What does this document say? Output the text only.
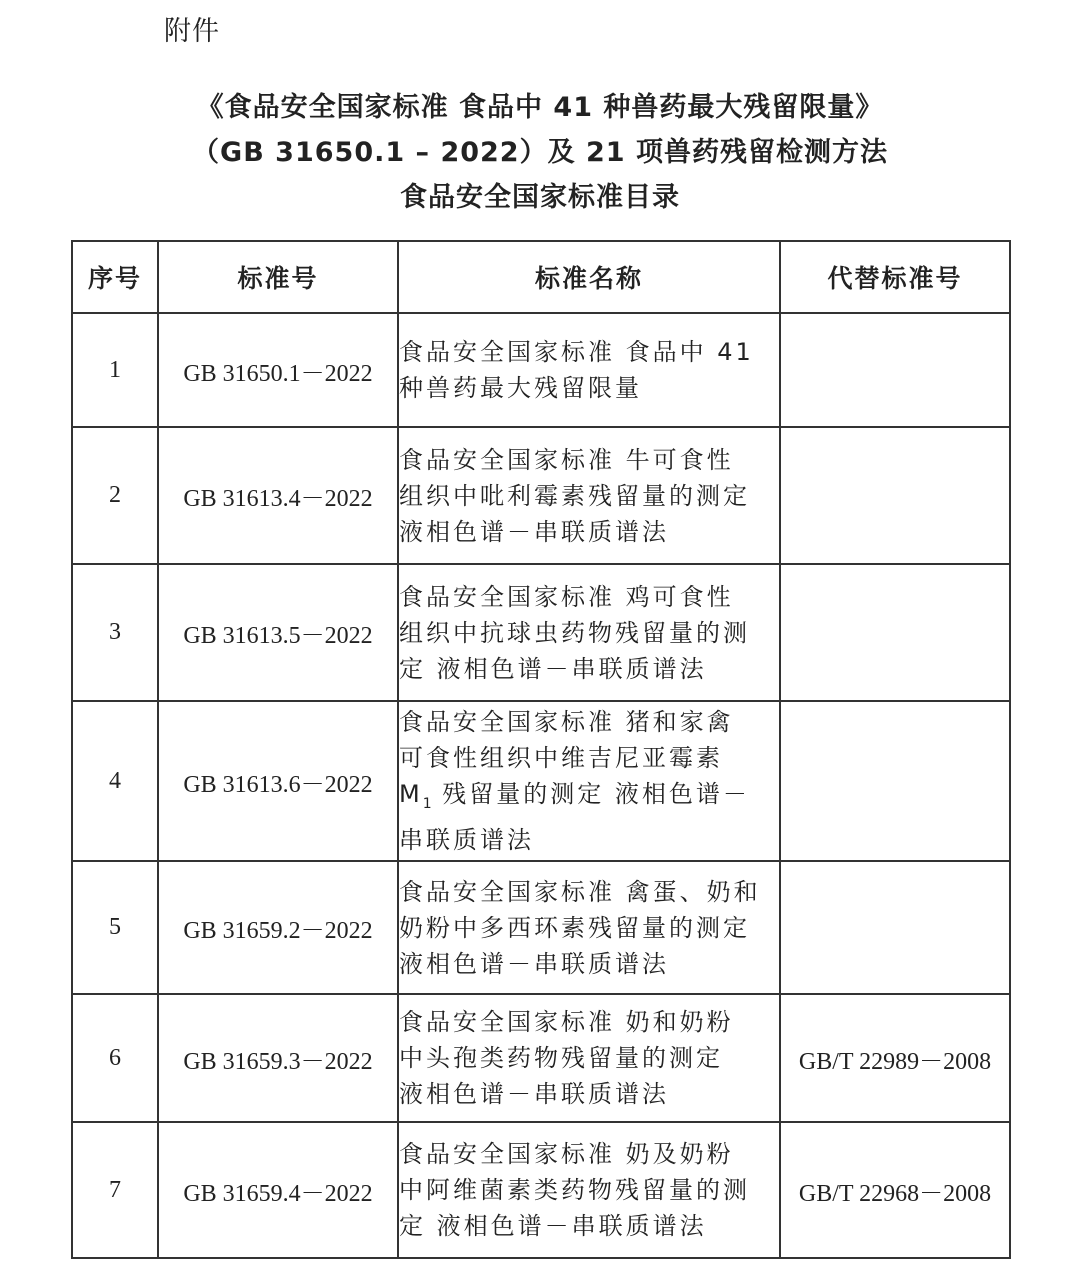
附件
《食品安全国家标准 食品中 41 种兽药最大残留限量》
（GB 31650.1 – 2022）及 21 项兽药残留检测方法
食品安全国家标准目录
序号	标准号	标准名称	代替标准号
1	GB 31650.1－2022	食品安全国家标准 食品中 41
种兽药最大残留限量	

2	GB 31613.4－2022	食品安全国家标准 牛可食性
组织中吡利霉素残留量的测定
液相色谱－串联质谱法	

3	GB 31613.5－2022	食品安全国家标准 鸡可食性
组织中抗球虫药物残留量的测
定 液相色谱－串联质谱法	

4	GB 31613.6－2022	食品安全国家标准 猪和家禽
可食性组织中维吉尼亚霉素
$M_1$ 残留量的测定 液相色谱－
串联质谱法	

5	GB 31659.2－2022	食品安全国家标准 禽蛋、奶和
奶粉中多西环素残留量的测定
液相色谱－串联质谱法	

6	GB 31659.3－2022	食品安全国家标准 奶和奶粉
中头孢类药物残留量的测定
液相色谱－串联质谱法	GB/T 22989－2008
7	GB 31659.4－2022	食品安全国家标准 奶及奶粉
中阿维菌素类药物残留量的测
定 液相色谱－串联质谱法	GB/T 22968－2008
